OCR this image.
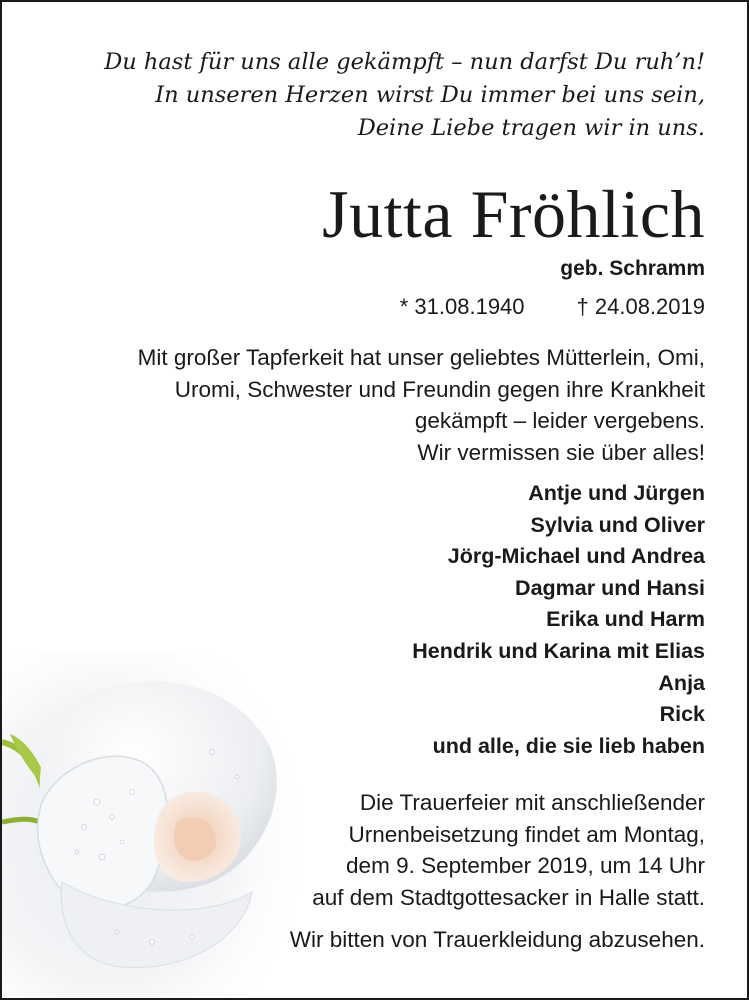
Du hast für uns alle gekämpft – nun darfst Du ruh’n!
In unseren Herzen wirst Du immer bei uns sein,
Deine Liebe tragen wir in uns.
Jutta Fröhlich
geb. Schramm
* 31.08.1940 † 24.08.2019
Mit großer Tapferkeit hat unser geliebtes Mütterlein, Omi,
Uromi, Schwester und Freundin gegen ihre Krankheit
gekämpft – leider vergebens.
Wir vermissen sie über alles!
Antje und Jürgen
Sylvia und Oliver
Jörg-Michael und Andrea
Dagmar und Hansi
Erika und Harm
Hendrik und Karina mit Elias
Anja
Rick
und alle, die sie lieb haben
Die Trauerfeier mit anschließender
Urnenbeisetzung findet am Montag,
dem 9. September 2019, um 14 Uhr
auf dem Stadtgottesacker in Halle statt.
Wir bitten von Trauerkleidung abzusehen.
